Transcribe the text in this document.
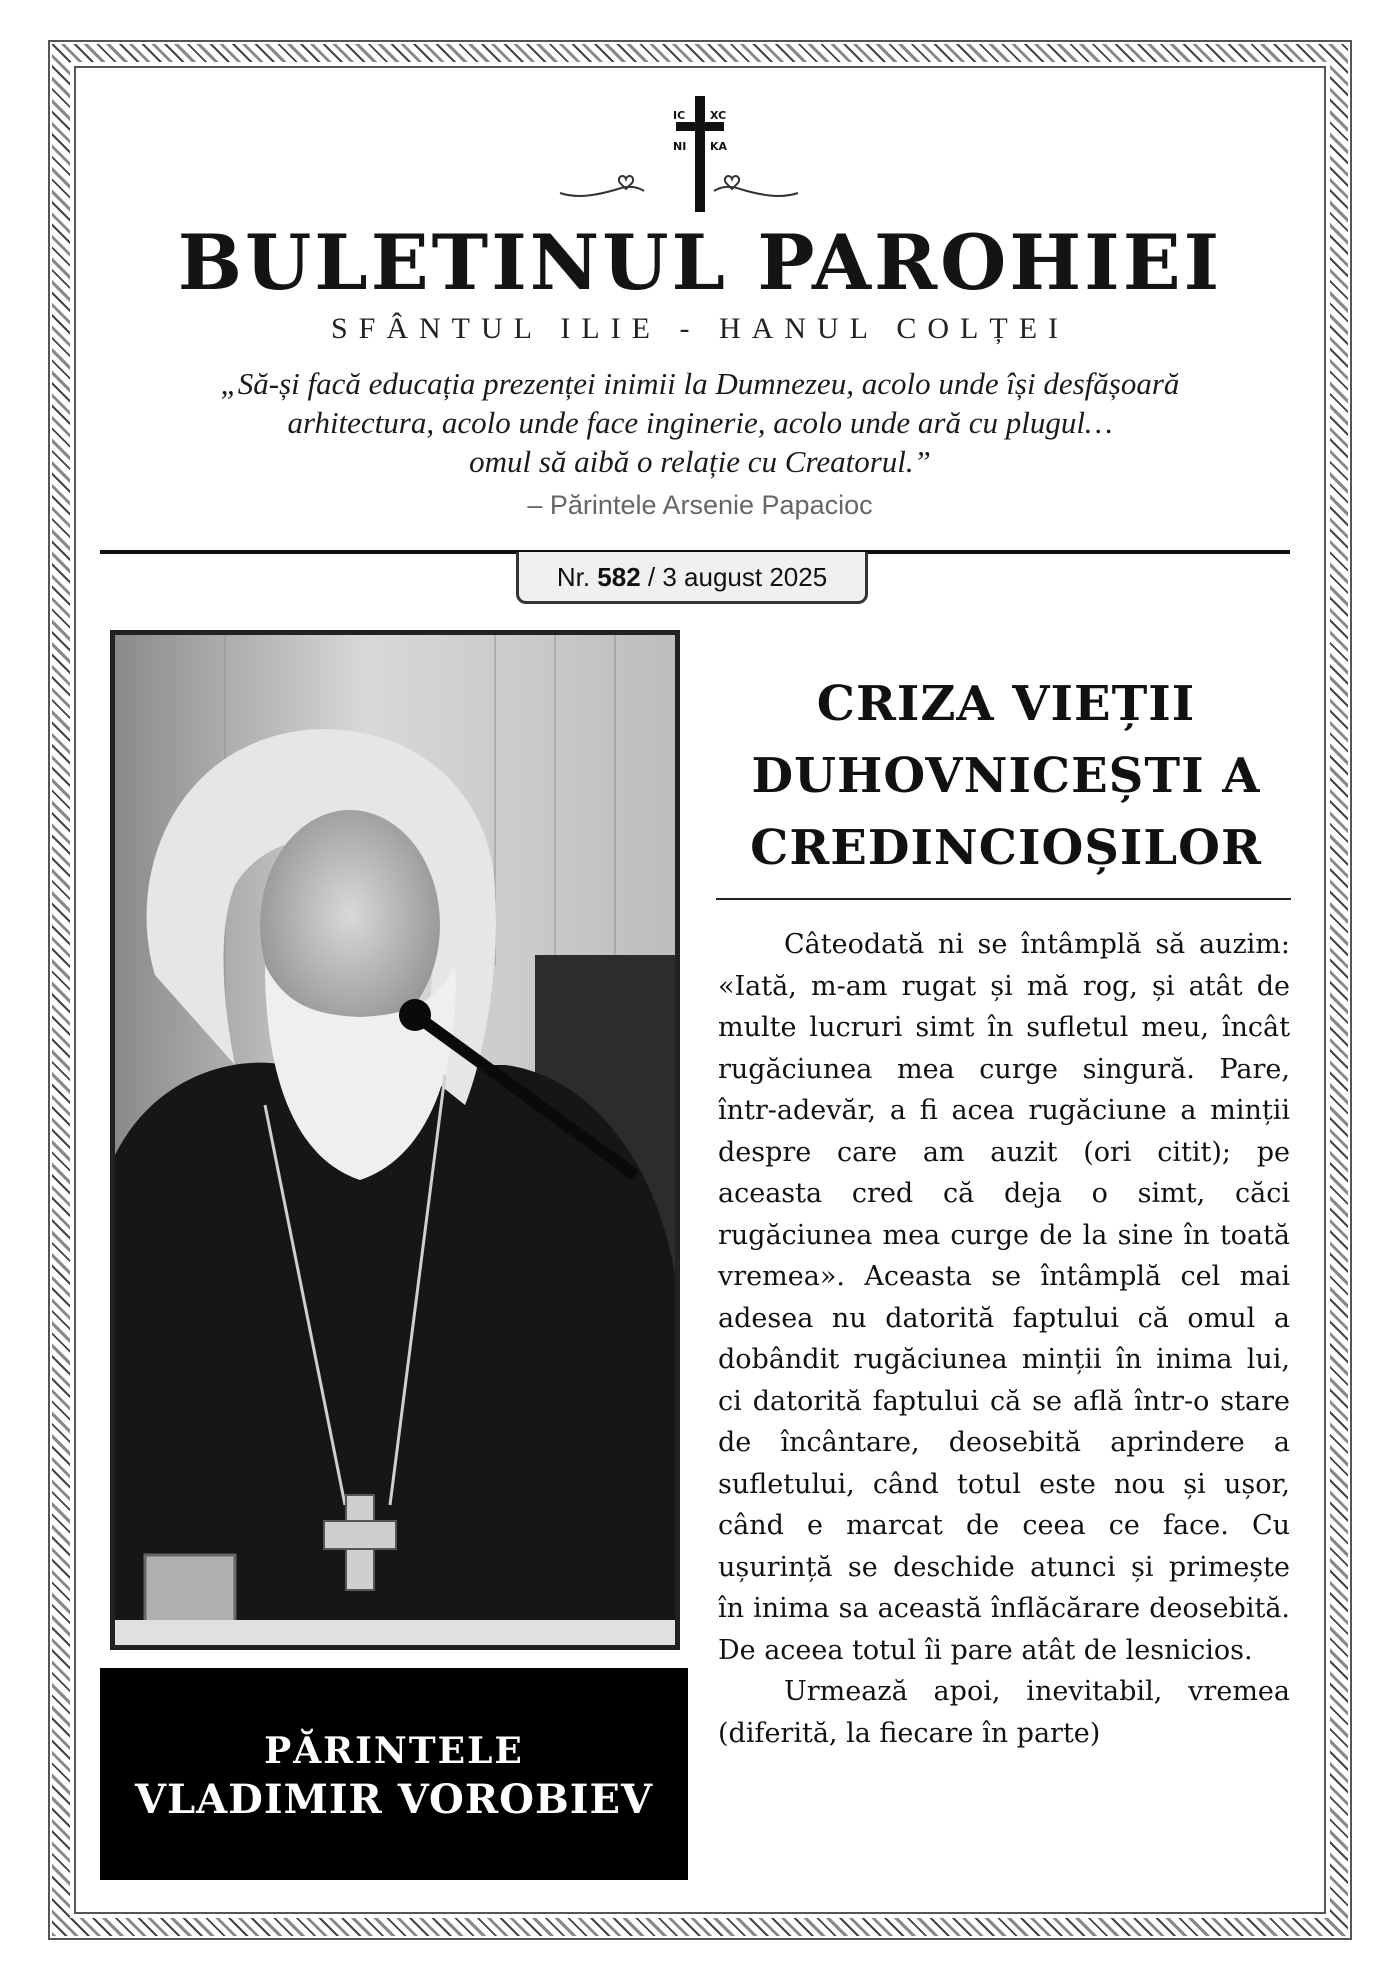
IC XC
NI KA
BULETINUL PAROHIEI
SFÂNTUL ILIE - HANUL COLȚEI
„Să-și facă educația prezenței inimii la Dumnezeu, acolo unde își desfășoară
arhitectura, acolo unde face inginerie, acolo unde ară cu plugul…
omul să aibă o relație cu Creatorul.”
– Părintele Arsenie Papacioc
Nr. 582 / 3 august 2025
PĂRINTELE
VLADIMIR VOROBIEV
CRIZA VIEȚII
DUHOVNICEȘTI A
CREDINCIOȘILOR

Câteodată ni se întâmplă să auzim: «Iată, m-am rugat și mă rog, și atât de multe lucruri simt în sufletul meu, încât rugăciunea mea curge singură. Pare, într-adevăr, a fi acea rugăciune a minții despre care am auzit (ori citit); pe aceasta cred că deja o simt, căci rugăciunea mea curge de la sine în toată vremea». Aceasta se întâmplă cel mai adesea nu datorită faptului că omul a dobândit rugăciunea minții în inima lui, ci datorită faptului că se află într-o stare de încântare, deosebită aprindere a sufletului, când totul este nou și ușor, când e marcat de ceea ce face. Cu ușurință se deschide atunci și primește în inima sa această înflăcărare deosebită. De aceea totul îi pare atât de lesnicios.

Urmează apoi, inevitabil, vremea (diferită, la fiecare în parte)
